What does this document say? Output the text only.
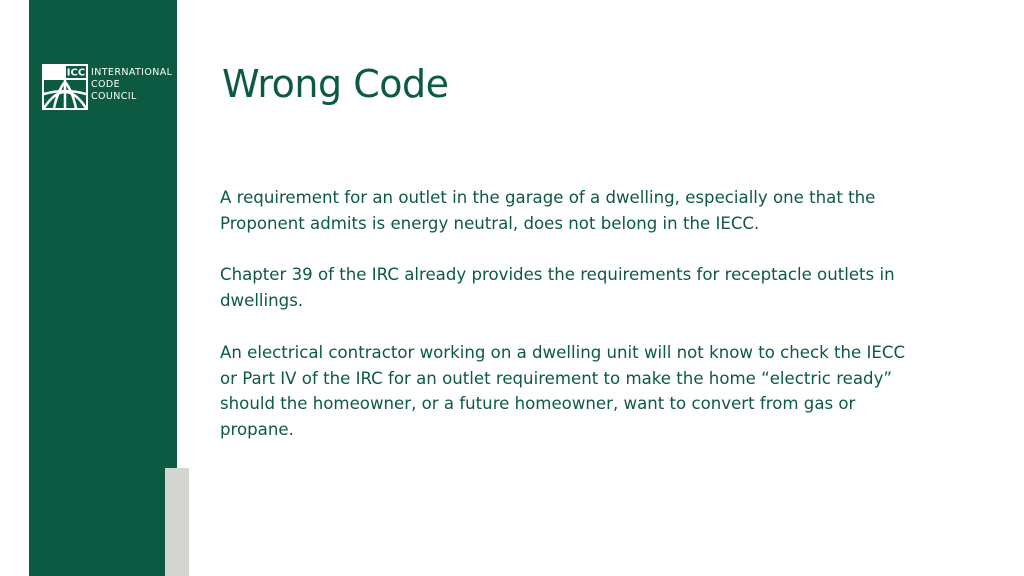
ICC INTERNATIONAL
CODE
COUNCIL	Wrong Code

A requirement for an outlet in the garage of a dwelling, especially one that the Proponent admits is energy neutral, does not belong in the IECC.

Chapter 39 of the IRC already provides the requirements for receptacle outlets in dwellings.

An electrical contractor working on a dwelling unit will not know to check the IECC or Part IV of the IRC for an outlet requirement to make the home “electric ready” should the homeowner, or a future homeowner, want to convert from gas or propane.
